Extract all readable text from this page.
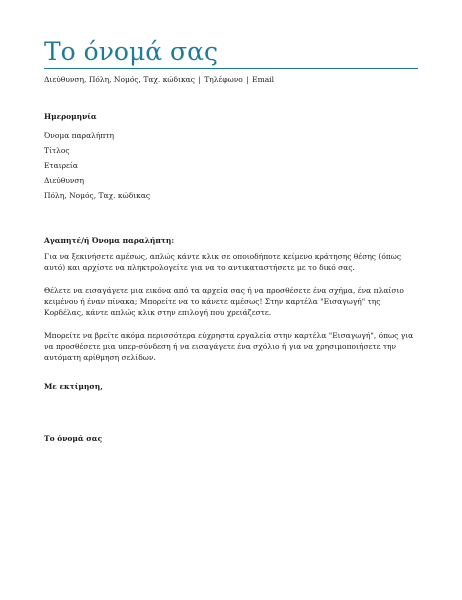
Το όνομά σας
Διεύθυνση, Πόλη, Νομός, Ταχ. κώδικας | Τηλέφωνο | Email
Ημερομηνία
Όνομα παραλήπτη
Τίτλος
Εταιρεία
Διεύθυνση
Πόλη, Νομός, Ταχ. κώδικας
Αγαπητέ/ή Όνομα παραλήπτη:

Για να ξεκινήσετε αμέσως, απλώς κάντε κλικ σε οποιοδήποτε κείμενο κράτησης θέσης (όπως αυτό) και αρχίστε να πληκτρολογείτε για να το αντικαταστήσετε με το δικό σας.

Θέλετε να εισαγάγετε μια εικόνα από τα αρχεία σας ή να προσθέσετε ένα σχήμα, ένα πλαίσιο κειμένου ή έναν πίνακα; Μπορείτε να το κάνετε αμέσως! Στην καρτέλα "Εισαγωγή" της Κορδέλας, κάντε απλώς κλικ στην επιλογή που χρειάζεστε.

Μπορείτε να βρείτε ακόμα περισσότερα εύχρηστα εργαλεία στην καρτέλα "Εισαγωγή", όπως για να προσθέσετε μια υπερ-σύνδεση ή να εισαγάγετε ένα σχόλιο ή για να χρησιμοποιήσετε την αυτόματη αρίθμηση σελίδων.

Με εκτίμηση,
Το όνομά σας
